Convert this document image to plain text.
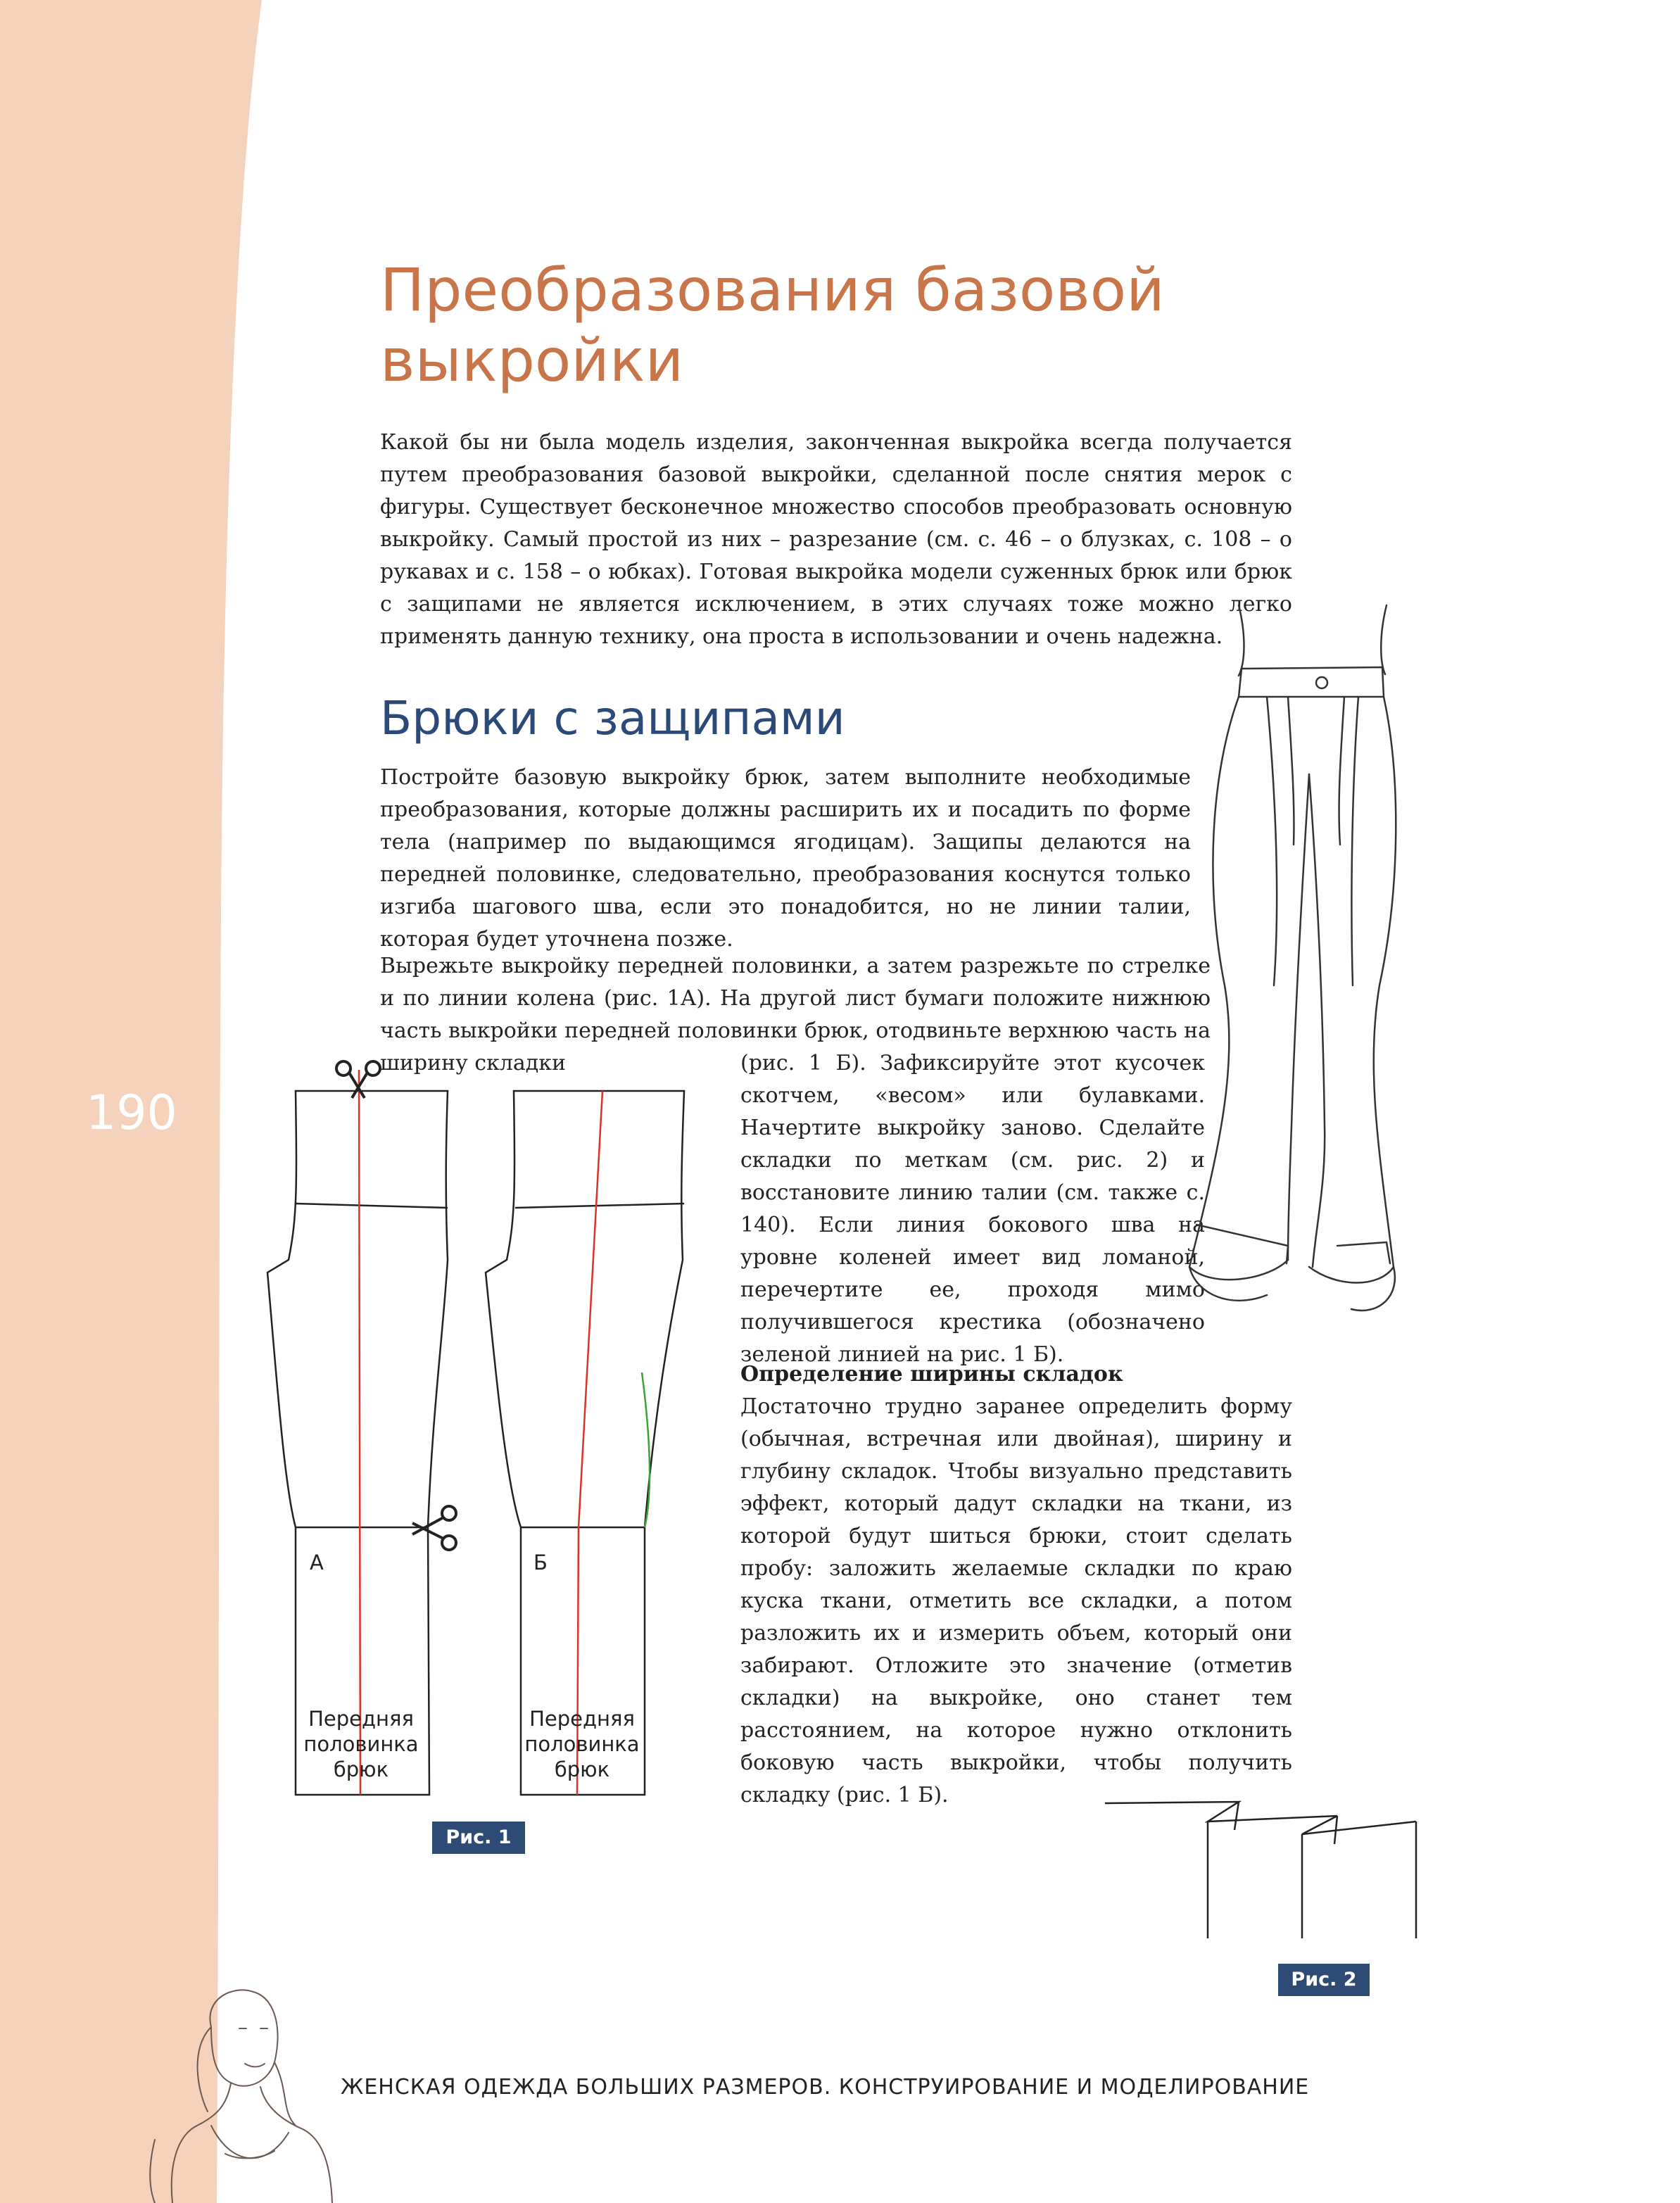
190
Преобразования базовой
выкройки

Какой бы ни была модель изделия, законченная выкройка всегда получается путем преобразования базовой выкройки, сделанной после снятия мерок с фигуры. Существует бесконечное множество способов преобразовать основную выкройку. Самый простой из них – разрезание (см. с. 46 – о блузках, с. 108 – о рукавах и с. 158 – о юбках). Готовая выкройка модели суженных брюк или брюк с защипами не является исключением, в этих случаях тоже можно легко применять данную технику, она проста в использовании и очень надежна.

Брюки с защипами

Постройте базовую выкройку брюк, затем выполните необходимые преобразования, которые должны расширить их и посадить по форме тела (например по выдающимся ягодицам). Защипы делаются на передней половинке, следовательно, преобразования коснутся только изгиба шагового шва, если это понадобится, но не линии талии, которая будет уточнена позже.

Вырежьте выкройку передней половинки, а затем разрежьте по стрелке и по линии колена (рис. 1А). На другой лист бумаги положите нижнюю часть выкройки передней половинки брюк, отодвиньте верхнюю часть на ширину складки	(рис. 1 Б). Зафиксируйте этот кусочек скотчем, «весом» или булавками. Начертите выкройку заново. Сделайте складки по меткам (см. рис. 2) и восстановите линию талии (см. также с. 140). Если линия бокового шва на уровне коленей имеет вид ломаной, перечертите ее, проходя мимо получившегося крестика (обозначено зеленой линией на рис. 1 Б).

Определение ширины складок

Достаточно трудно заранее определить форму (обычная, встречная или двойная), ширину и глубину складок. Чтобы визуально представить эффект, который дадут складки на ткани, из которой будут шиться брюки, стоит сделать пробу: заложить желаемые складки по краю куска ткани, отметить все складки, а потом разложить их и измерить объем, который они забирают. Отложите это значение (отметив складки) на выкройке, оно станет тем расстоянием, на которое нужно отклонить боковую часть выкройки, чтобы получить складку (рис. 1 Б).

А	Б
Передняя
половинка
брюк
Передняя
половинка
брюк
Рис. 1
Рис. 2
ЖЕНСКАЯ ОДЕЖДА БОЛЬШИХ РАЗМЕРОВ. КОНСТРУИРОВАНИЕ И МОДЕЛИРОВАНИЕ
